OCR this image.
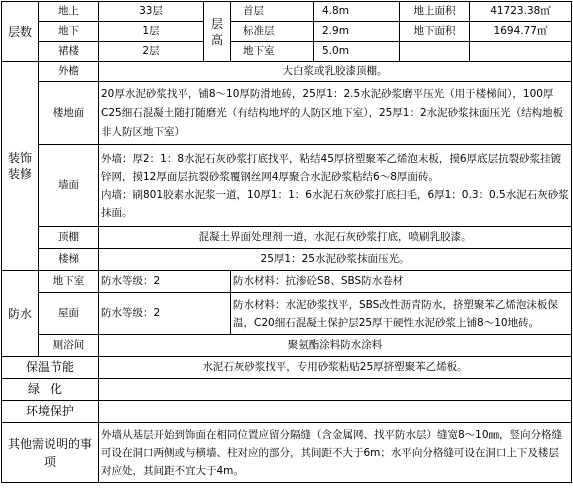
层数	地上	33层	层高	首层	4.8m	地上面积	41723.38㎡
	地下	1层		标准层	2.9m	地下面积	1694.77㎡
	裙楼	2层		地下室	5.0m		

装饰装修	外檐	大白浆或乳胶漆顶棚。					
	楼地面	20厚水泥砂浆找平，铺8～10厚防滑地砖，25厚1：2.5水泥砂浆磨平压光（用于楼梯间），100厚C25细石混凝土随打随磨光（有结构地坪的人防区地下室），25厚1：2水泥砂浆抹面压光（结构地板非人防区地下室）					
	墙面	外墙：厚2：1：8水泥石灰砂浆打底找平，粘结45厚挤塑聚苯乙烯泡末板，摸6厚底层抗裂砂浆挂镀锌网，摸12厚面层抗裂砂浆覆钢丝网4厚聚合水泥砂浆粘结6～8厚面砖。
内墙：刷801胶素水泥浆一道，10厚1：1：6水泥石灰砂浆打底扫毛，6厚1：0.3：0.5水泥石灰砂浆抹面。					
	顶棚	混凝土界面处理剂一道，水泥石灰砂浆打底，喷刷乳胶漆。					
	楼梯	25厚1：25水泥砂浆抹面压光。					

防水	地下室	防水等级：2		防水材料：抗渗砼S8、SBS防水卷材			
	屋面	防水等级：2		防水材料：水泥砂浆找平，SBS改性沥青防水，挤塑聚苯乙烯泡沫板保温，C20细石混凝土保护层25厚干硬性水泥砂浆上铺8～10地砖。			
	厕浴间	聚氨酯涂料防水涂料					
保温节能		水泥石灰砂浆找平，专用砂浆粘贴25厚挤塑聚苯乙烯板。					
绿化							
环境保护							
其他需说明的事项		外墙从基层开始到饰面在相同位置应留分隔缝（含金属网、找平防水层）缝宽8～10㎜，竖向分格缝可设在洞口两侧或与横墙、柱对应的部分，其间距不大于6m；水平向分格缝可设在洞口上下及楼层对应处，其间距不宜大于4m。					
